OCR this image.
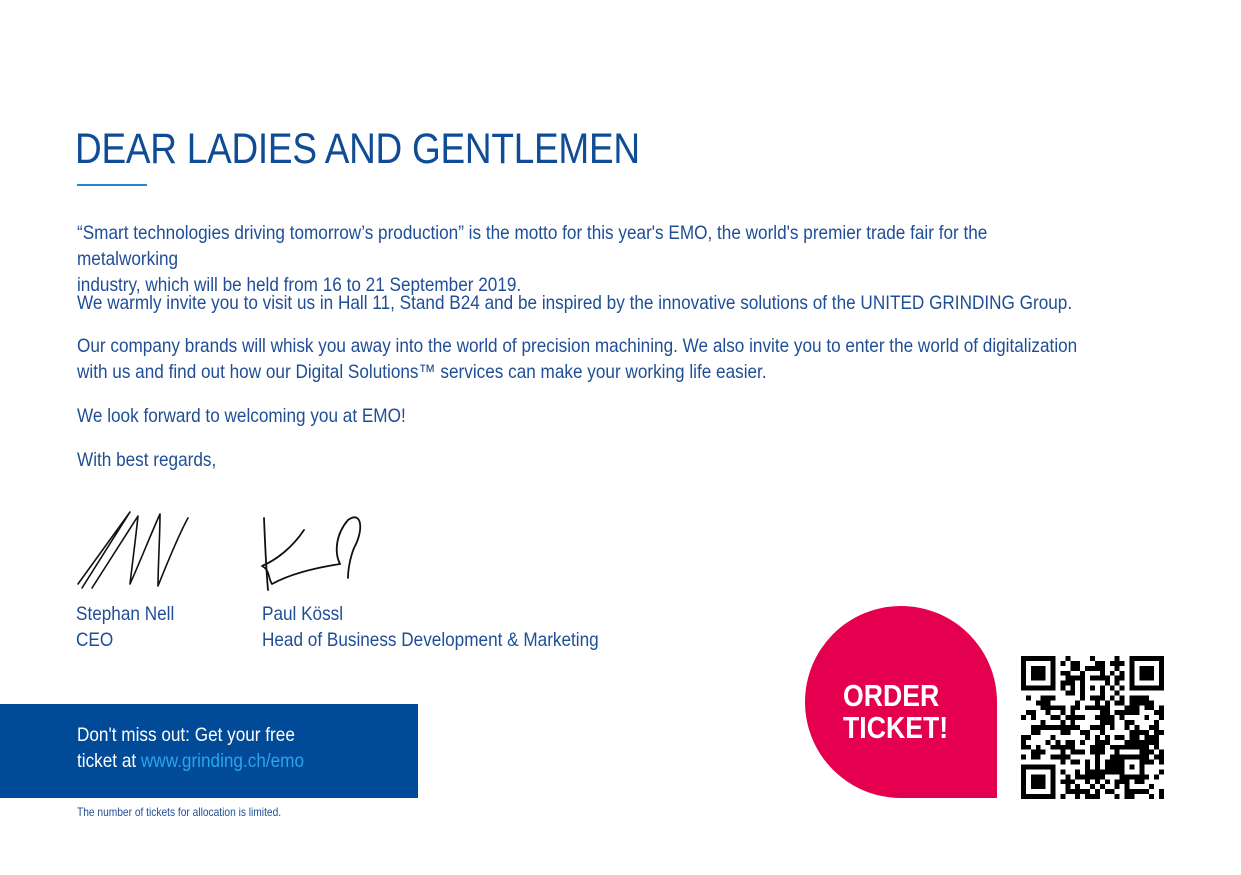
DEAR LADIES AND GENTLEMEN
“Smart technologies driving tomorrow’s production” is the motto for this year's EMO, the world's premier trade fair for the metalworking
industry, which will be held from 16 to 21 September 2019.
We warmly invite you to visit us in Hall 11, Stand B24 and be inspired by the innovative solutions of the UNITED GRINDING Group.
Our company brands will whisk you away into the world of precision machining. We also invite you to enter the world of digitalization
with us and find out how our Digital Solutions™ services can make your working life easier.
We look forward to welcoming you at EMO!
With best regards,
Stephan Nell
CEO
Paul Kössl
Head of Business Development & Marketing
Don't miss out: Get your free
ticket at www.grinding.ch/emo
The number of tickets for allocation is limited.
ORDER
TICKET!
